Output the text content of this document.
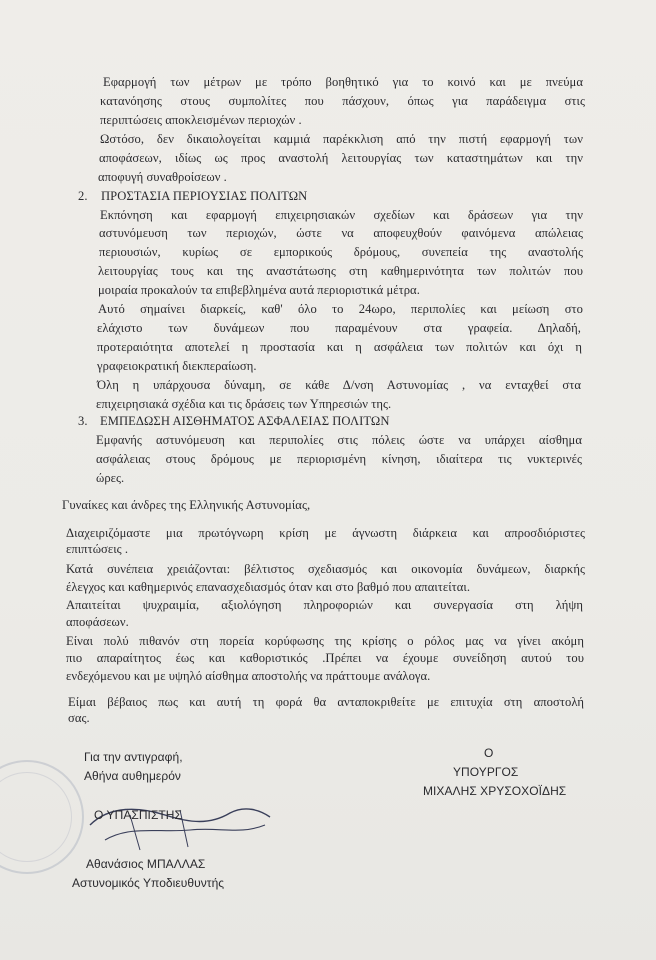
Εφαρμογή των μέτρων με τρόπο βοηθητικό για το κοινό και με πνεύμα
κατανόησης στους συμπολίτες που πάσχουν, όπως για παράδειγμα στις
περιπτώσεις αποκλεισμένων περιοχών .
Ωστόσο, δεν δικαιολογείται καμμιά παρέκκλιση από την πιστή εφαρμογή των
αποφάσεων, ιδίως ως προς αναστολή λειτουργίας των καταστημάτων και την
αποφυγή συναθροίσεων .
2. ΠΡΟΣΤΑΣΙΑ ΠΕΡΙΟΥΣΙΑΣ ΠΟΛΙΤΩΝ
Εκπόνηση και εφαρμογή επιχειρησιακών σχεδίων και δράσεων για την
αστυνόμευση των περιοχών, ώστε να αποφευχθούν φαινόμενα απώλειας
περιουσιών, κυρίως σε εμπορικούς δρόμους, συνεπεία της αναστολής
λειτουργίας τους και της αναστάτωσης στη καθημερινότητα των πολιτών που
μοιραία προκαλούν τα επιβεβλημένα αυτά περιοριστικά μέτρα.
Αυτό σημαίνει διαρκείς, καθ' όλο το 24ωρο, περιπολίες και μείωση στο
ελάχιστο των δυνάμεων που παραμένουν στα γραφεία. Δηλαδή,
προτεραιότητα αποτελεί η προστασία και η ασφάλεια των πολιτών και όχι η
γραφειοκρατική διεκπεραίωση.
Όλη η υπάρχουσα δύναμη, σε κάθε Δ/νση Αστυνομίας , να ενταχθεί στα
επιχειρησιακά σχέδια και τις δράσεις των Υπηρεσιών της.
3. ΕΜΠΕΔΩΣΗ ΑΙΣΘΗΜΑΤΟΣ ΑΣΦΑΛΕΙΑΣ ΠΟΛΙΤΩΝ
Εμφανής αστυνόμευση και περιπολίες στις πόλεις ώστε να υπάρχει αίσθημα
ασφάλειας στους δρόμους με περιορισμένη κίνηση, ιδιαίτερα τις νυκτερινές
ώρες.
Γυναίκες και άνδρες της Ελληνικής Αστυνομίας,
Διαχειριζόμαστε μια πρωτόγνωρη κρίση με άγνωστη διάρκεια και απροσδιόριστες
επιπτώσεις .
Κατά συνέπεια χρειάζονται: βέλτιστος σχεδιασμός και οικονομία δυνάμεων, διαρκής
έλεγχος και καθημερινός επανασχεδιασμός όταν και στο βαθμό που απαιτείται.
Απαιτείται ψυχραιμία, αξιολόγηση πληροφοριών και συνεργασία στη λήψη
αποφάσεων.
Είναι πολύ πιθανόν στη πορεία κορύφωσης της κρίσης ο ρόλος μας να γίνει ακόμη
πιο απαραίτητος έως και καθοριστικός .Πρέπει να έχουμε συνείδηση αυτού του
ενδεχόμενου και με υψηλό αίσθημα αποστολής να πράττουμε ανάλογα.
Είμαι βέβαιος πως και αυτή τη φορά θα ανταποκριθείτε με επιτυχία στη αποστολή
σας.
Για την αντιγραφή,
Αθήνα αυθημερόν
Ο ΥΠΑΣΠΙΣΤΗΣ
Αθανάσιος ΜΠΑΛΛΑΣ
Αστυνομικός Υποδιευθυντής
Ο
ΥΠΟΥΡΓΟΣ
ΜΙΧΑΛΗΣ ΧΡΥΣΟΧΟΪΔΗΣ
